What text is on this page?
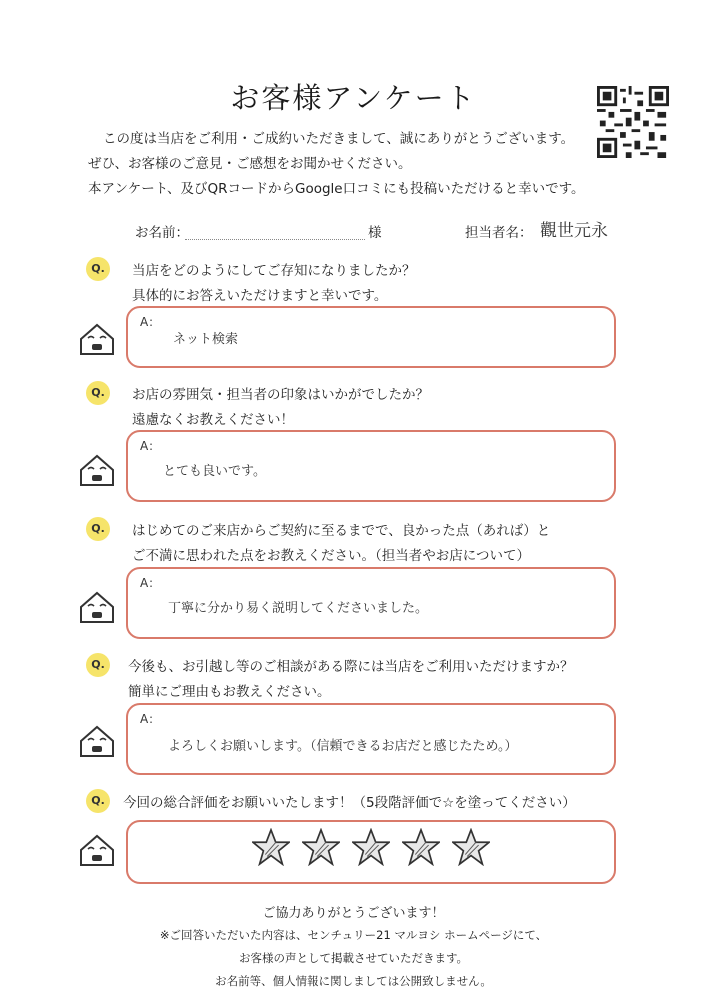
お客様アンケート
この度は当店をご利用・ご成約いただきまして、誠にありがとうございます。
ぜひ、お客様のご意見・ご感想をお聞かせください。
本アンケート、及びQRコードからGoogle口コミにも投稿いただけると幸いです。
お名前：	様	担当者名： 觀世元永
Q.	当店をどのようにしてご存知になりましたか？
具体的にお答えいただけますと幸いです。
A：
ネット検索
Q.	お店の雰囲気・担当者の印象はいかがでしたか？
遠慮なくお教えください！
A：
とても良いです。
Q.	はじめてのご来店からご契約に至るまでで、良かった点（あれば）と
ご不満に思われた点をお教えください。（担当者やお店について）
A：
丁寧に分かり易く説明してくださいました。
Q.	今後も、お引越し等のご相談がある際には当店をご利用いただけますか？
簡単にご理由もお教えください。
A：
よろしくお願いします。（信頼できるお店だと感じたため。）
Q.	今回の総合評価をお願いいたします！（5段階評価で☆を塗ってください）
ご協力ありがとうございます！
※ご回答いただいた内容は、センチュリー21 マルヨシ ホームページにて、
お客様の声として掲載させていただきます。
お名前等、個人情報に関しましては公開致しません。
